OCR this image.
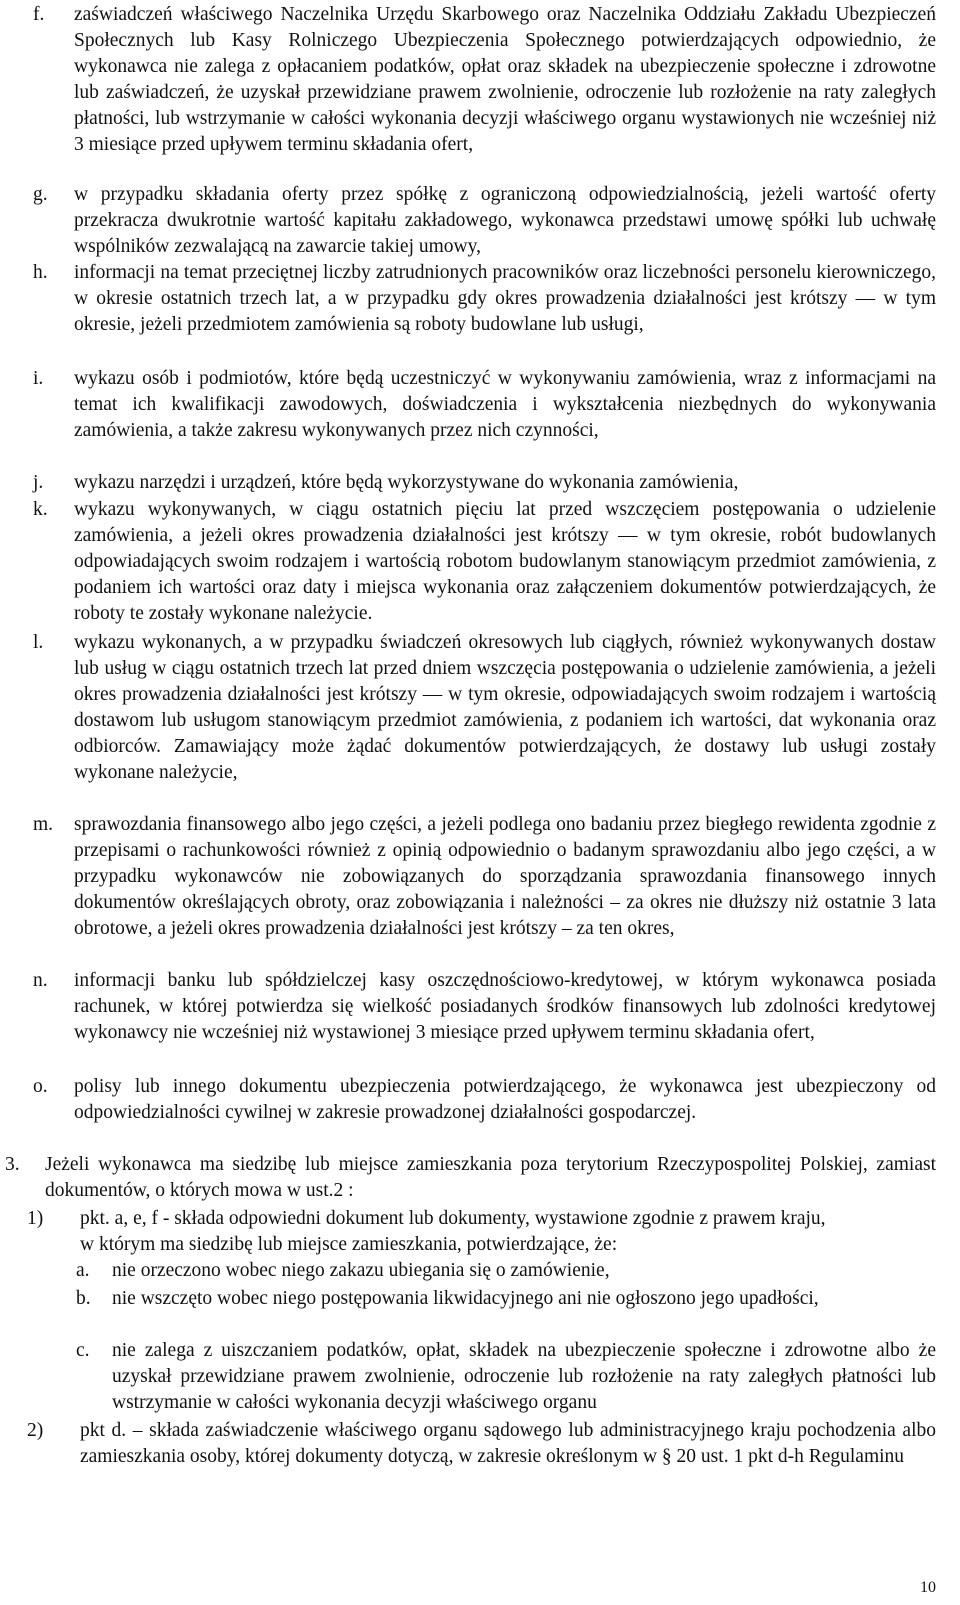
f. zaświadczeń właściwego Naczelnika Urzędu Skarbowego oraz Naczelnika Oddziału Zakładu Ubezpieczeń Społecznych lub Kasy Rolniczego Ubezpieczenia Społecznego potwierdzających odpowiednio, że wykonawca nie zalega z opłacaniem podatków, opłat oraz składek na ubezpieczenie społeczne i zdrowotne lub zaświadczeń, że uzyskał przewidziane prawem zwolnienie, odroczenie lub rozłożenie na raty zaległych płatności, lub wstrzymanie w całości wykonania decyzji właściwego organu wystawionych nie wcześniej niż 3 miesiące przed upływem terminu składania ofert,
g. w przypadku składania oferty przez spółkę z ograniczoną odpowiedzialnością, jeżeli wartość oferty przekracza dwukrotnie wartość kapitału zakładowego, wykonawca przedstawi umowę spółki lub uchwałę wspólników zezwalającą na zawarcie takiej umowy,
h. informacji na temat przeciętnej liczby zatrudnionych pracowników oraz liczebności personelu kierowniczego, w okresie ostatnich trzech lat, a w przypadku gdy okres prowadzenia działalności jest krótszy — w tym okresie, jeżeli przedmiotem zamówienia są roboty budowlane lub usługi,
i. wykazu osób i podmiotów, które będą uczestniczyć w wykonywaniu zamówienia, wraz z informacjami na temat ich kwalifikacji zawodowych, doświadczenia i wykształcenia niezbędnych do wykonywania zamówienia, a także zakresu wykonywanych przez nich czynności,
j. wykazu narzędzi i urządzeń, które będą wykorzystywane do wykonania zamówienia,
k. wykazu wykonywanych, w ciągu ostatnich pięciu lat przed wszczęciem postępowania o udzielenie zamówienia, a jeżeli okres prowadzenia działalności jest krótszy — w tym okresie, robót budowlanych odpowiadających swoim rodzajem i wartością robotom budowlanym stanowiącym przedmiot zamówienia, z podaniem ich wartości oraz daty i miejsca wykonania oraz załączeniem dokumentów potwierdzających, że roboty te zostały wykonane należycie.
l. wykazu wykonanych, a w przypadku świadczeń okresowych lub ciągłych, również wykonywanych dostaw lub usług w ciągu ostatnich trzech lat przed dniem wszczęcia postępowania o udzielenie zamówienia, a jeżeli okres prowadzenia działalności jest krótszy — w tym okresie, odpowiadających swoim rodzajem i wartością dostawom lub usługom stanowiącym przedmiot zamówienia, z podaniem ich wartości, dat wykonania oraz odbiorców. Zamawiający może żądać dokumentów potwierdzających, że dostawy lub usługi zostały wykonane należycie,
m. sprawozdania finansowego albo jego części, a jeżeli podlega ono badaniu przez biegłego rewidenta zgodnie z przepisami o rachunkowości również z opinią odpowiednio o badanym sprawozdaniu albo jego części, a w przypadku wykonawców nie zobowiązanych do sporządzania sprawozdania finansowego innych dokumentów określających obroty, oraz zobowiązania i należności – za okres nie dłuższy niż ostatnie 3 lata obrotowe, a jeżeli okres prowadzenia działalności jest krótszy – za ten okres,
n. informacji banku lub spółdzielczej kasy oszczędnościowo-kredytowej, w którym wykonawca posiada rachunek, w której potwierdza się wielkość posiadanych środków finansowych lub zdolności kredytowej wykonawcy nie wcześniej niż wystawionej 3 miesiące przed upływem terminu składania ofert,
o. polisy lub innego dokumentu ubezpieczenia potwierdzającego, że wykonawca jest ubezpieczony od odpowiedzialności cywilnej w zakresie prowadzonej działalności gospodarczej.
3. Jeżeli wykonawca ma siedzibę lub miejsce zamieszkania poza terytorium Rzeczypospolitej Polskiej, zamiast dokumentów, o których mowa w ust.2 :
1) pkt. a, e, f - składa odpowiedni dokument lub dokumenty, wystawione zgodnie z prawem kraju,
w którym ma siedzibę lub miejsce zamieszkania, potwierdzające, że:
a. nie orzeczono wobec niego zakazu ubiegania się o zamówienie,
b. nie wszczęto wobec niego postępowania likwidacyjnego ani nie ogłoszono jego upadłości,
c. nie zalega z uiszczaniem podatków, opłat, składek na ubezpieczenie społeczne i zdrowotne albo że uzyskał przewidziane prawem zwolnienie, odroczenie lub rozłożenie na raty zaległych płatności lub wstrzymanie w całości wykonania decyzji właściwego organu
2) pkt d. – składa zaświadczenie właściwego organu sądowego lub administracyjnego kraju pochodzenia albo zamieszkania osoby, której dokumenty dotyczą, w zakresie określonym w § 20 ust. 1 pkt d-h Regulaminu
10
